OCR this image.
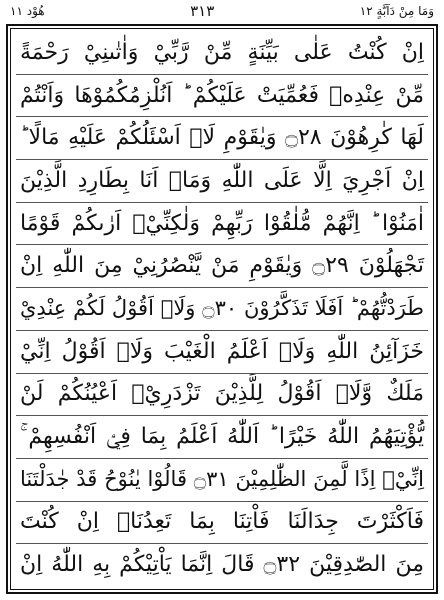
وَمَا مِنْ دَآبَّةٍ ۱۲
۳۱۳
هُوْد ۱۱
اِنْ كُنْتُ عَلٰى بَيِّنَةٍ مِّنْ رَّبِّيْ وَاٰتٰىنِيْ رَحْمَةً
مِّنْ عِنْدِهٖ فَعُمِّيَتْ عَلَيْكُمْ ؕ اَنُلْزِمُكُمُوْهَا وَاَنْتُمْ
لَهَا كٰرِهُوْنَ ۝٢٨ وَيٰقَوْمِ لَاۤ اَسْئَلُكُمْ عَلَيْهِ مَالًا ؕ
اِنْ اَجْرِيَ اِلَّا عَلَى اللّٰهِ وَمَاۤ اَنَا بِطَارِدِ الَّذِيْنَ
اٰمَنُوْا ؕ اِنَّهُمْ مُّلٰقُوْا رَبِّهِمْ وَلٰكِنِّيْۤ اَرٰىكُمْ قَوْمًا
تَجْهَلُوْنَ ۝٢٩ وَيٰقَوْمِ مَنْ يَّنْصُرُنِيْ مِنَ اللّٰهِ اِنْ
طَرَدْتُّهُمْ ؕ اَفَلَا تَذَكَّرُوْنَ ۝٣٠ وَلَاۤ اَقُوْلُ لَكُمْ عِنْدِيْ
خَزَآئِنُ اللّٰهِ وَلَاۤ اَعْلَمُ الْغَيْبَ وَلَاۤ اَقُوْلُ اِنِّيْ
مَلَكٌ وَّلَاۤ اَقُوْلُ لِلَّذِيْنَ تَزْدَرِيْۤ اَعْيُنُكُمْ لَنْ
يُّؤْتِيَهُمُ اللّٰهُ خَيْرًا ؕ اَللّٰهُ اَعْلَمُ بِمَا فِيْۤ اَنْفُسِهِمْ ۚ
اِنِّيْۤ اِذًا لَّمِنَ الظّٰلِمِيْنَ ۝٣١ قَالُوْا يٰنُوْحُ قَدْ جٰدَلْتَنَا
فَاَكْثَرْتَ جِدَالَنَا فَاْتِنَا بِمَا تَعِدُنَاۤ اِنْ كُنْتَ
مِنَ الصّٰدِقِيْنَ ۝٣٢ قَالَ اِنَّمَا يَاْتِيْكُمْ بِهِ اللّٰهُ اِنْ
